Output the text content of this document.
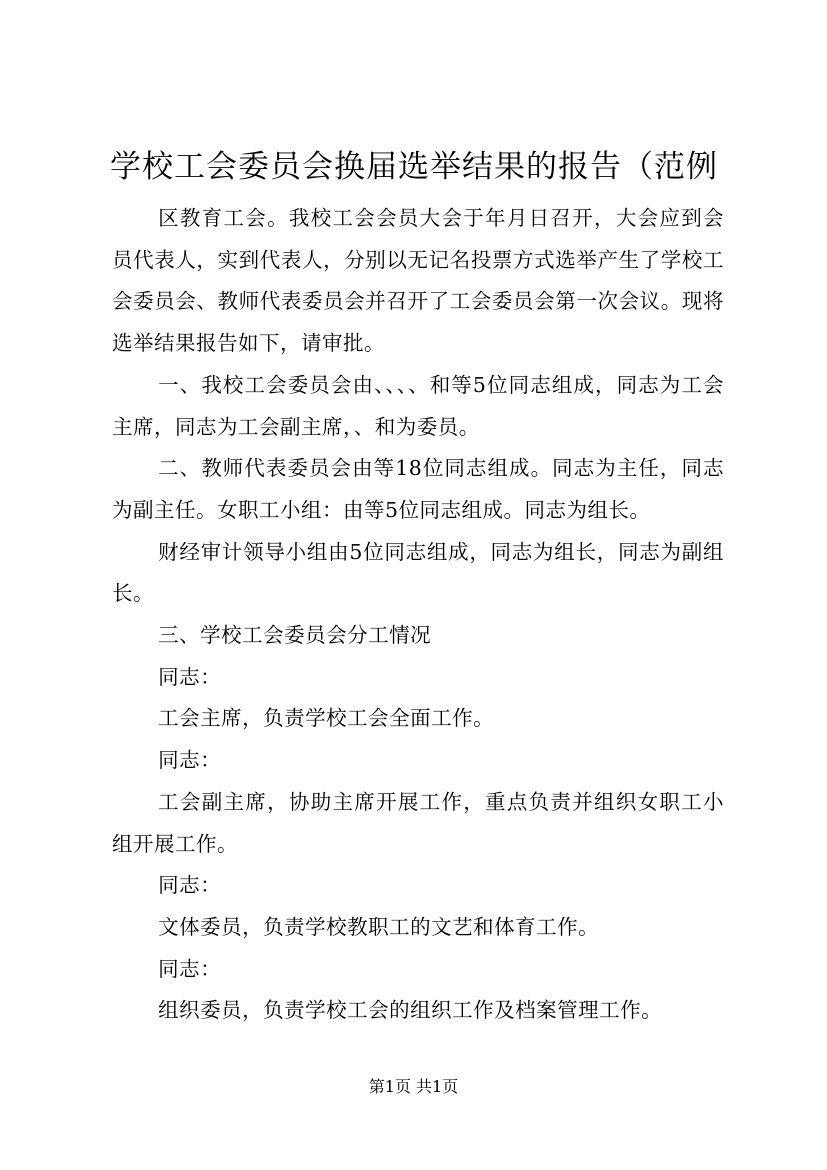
学校工会委员会换届选举结果的报告（范例

区教育工会。我校工会会员大会于年月日召开，大会应到会员代表人，实到代表人，分别以无记名投票方式选举产生了学校工会委员会、教师代表委员会并召开了工会委员会第一次会议。现将选举结果报告如下，请审批。

一、我校工会委员会由、、、、和等5位同志组成，同志为工会主席，同志为工会副主席，、和为委员。

二、教师代表委员会由等18位同志组成。同志为主任，同志为副主任。女职工小组：由等5位同志组成。同志为组长。

财经审计领导小组由5位同志组成，同志为组长，同志为副组长。

三、学校工会委员会分工情况

同志：

工会主席，负责学校工会全面工作。

同志：

工会副主席，协助主席开展工作，重点负责并组织女职工小组开展工作。

同志：

文体委员，负责学校教职工的文艺和体育工作。

同志：

组织委员，负责学校工会的组织工作及档案管理工作。

第1页 共1页
